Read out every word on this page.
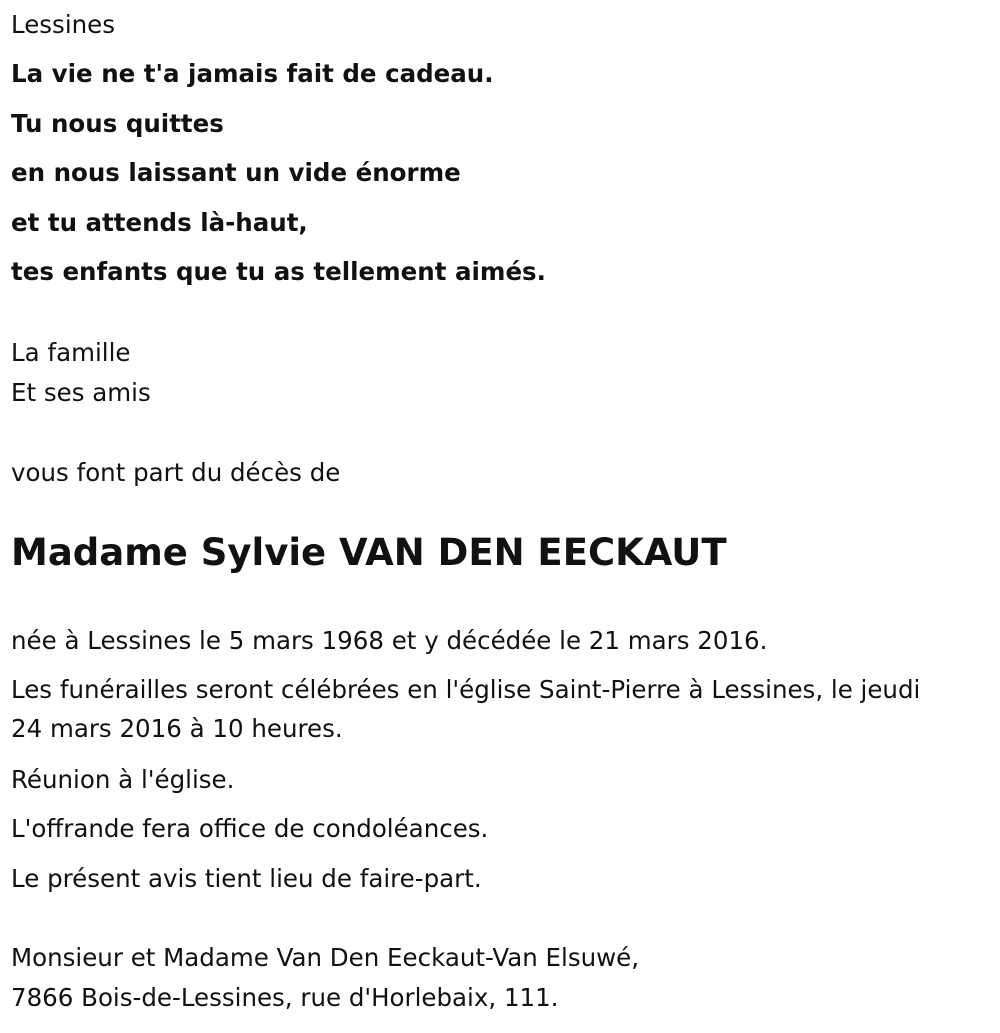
Lessines
La vie ne t'a jamais fait de cadeau.
Tu nous quittes
en nous laissant un vide énorme
et tu attends là-haut,
tes enfants que tu as tellement aimés.
La famille
Et ses amis
vous font part du décès de
Madame Sylvie VAN DEN EECKAUT
née à Lessines le 5 mars 1968 et y décédée le 21 mars 2016.
Les funérailles seront célébrées en l'église Saint-Pierre à Lessines, le jeudi
24 mars 2016 à 10 heures.
Réunion à l'église.
L'offrande fera office de condoléances.
Le présent avis tient lieu de faire-part.
Monsieur et Madame Van Den Eeckaut-Van Elsuwé,
7866 Bois-de-Lessines, rue d'Horlebaix, 111.
